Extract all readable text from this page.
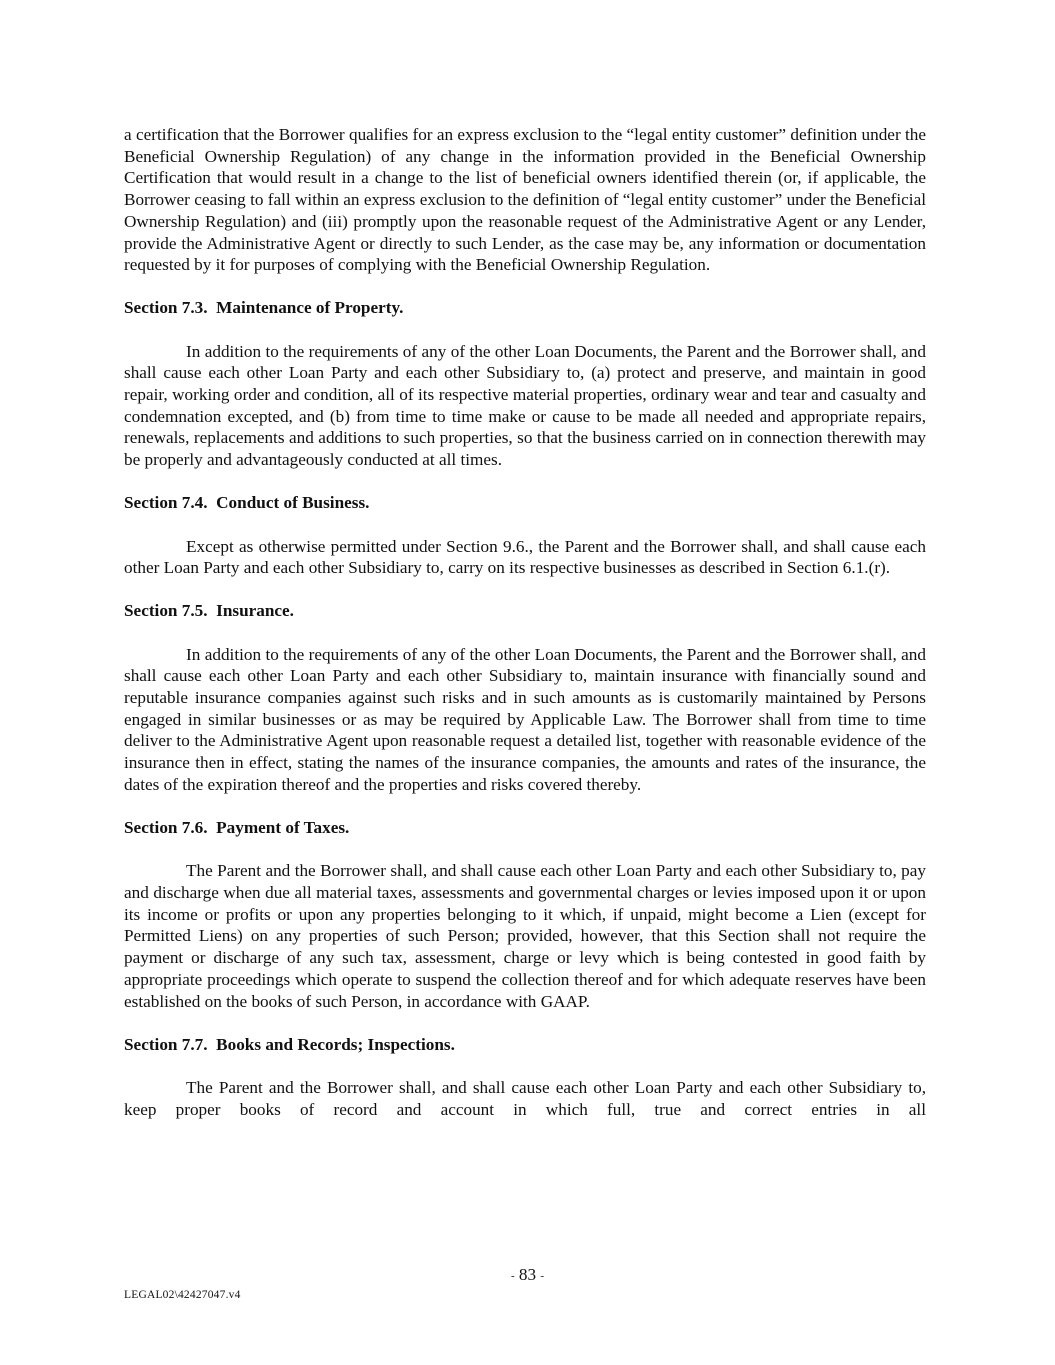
a certification that the Borrower qualifies for an express exclusion to the “legal entity customer” definition under the Beneficial Ownership Regulation) of any change in the information provided in the Beneficial Ownership Certification that would result in a change to the list of beneficial owners identified therein (or, if applicable, the Borrower ceasing to fall within an express exclusion to the definition of “legal entity customer” under the Beneficial Ownership Regulation) and (iii) promptly upon the reasonable request of the Administrative Agent or any Lender, provide the Administrative Agent or directly to such Lender, as the case may be, any information or documentation requested by it for purposes of complying with the Beneficial Ownership Regulation.

Section 7.3.  Maintenance of Property.

In addition to the requirements of any of the other Loan Documents, the Parent and the Borrower shall, and shall cause each other Loan Party and each other Subsidiary to, (a) protect and preserve, and maintain in good repair, working order and condition, all of its respective material properties, ordinary wear and tear and casualty and condemnation excepted, and (b) from time to time make or cause to be made all needed and appropriate repairs, renewals, replacements and additions to such properties, so that the business carried on in connection therewith may be properly and advantageously conducted at all times.

Section 7.4.  Conduct of Business.

Except as otherwise permitted under Section 9.6., the Parent and the Borrower shall, and shall cause each other Loan Party and each other Subsidiary to, carry on its respective businesses as described in Section 6.1.(r).

Section 7.5.  Insurance.

In addition to the requirements of any of the other Loan Documents, the Parent and the Borrower shall, and shall cause each other Loan Party and each other Subsidiary to, maintain insurance with financially sound and reputable insurance companies against such risks and in such amounts as is customarily maintained by Persons engaged in similar businesses or as may be required by Applicable Law. The Borrower shall from time to time deliver to the Administrative Agent upon reasonable request a detailed list, together with reasonable evidence of the insurance then in effect, stating the names of the insurance companies, the amounts and rates of the insurance, the dates of the expiration thereof and the properties and risks covered thereby.

Section 7.6.  Payment of Taxes.

The Parent and the Borrower shall, and shall cause each other Loan Party and each other Subsidiary to, pay and discharge when due all material taxes, assessments and governmental charges or levies imposed upon it or upon its income or profits or upon any properties belonging to it which, if unpaid, might become a Lien (except for Permitted Liens) on any properties of such Person; provided, however, that this Section shall not require the payment or discharge of any such tax, assessment, charge or levy which is being contested in good faith by appropriate proceedings which operate to suspend the collection thereof and for which adequate reserves have been established on the books of such Person, in accordance with GAAP.

Section 7.7.  Books and Records; Inspections.

The Parent and the Borrower shall, and shall cause each other Loan Party and each other Subsidiary to, keep proper books of record and account in which full, true and correct entries in all

- 83 -
LEGAL02\42427047.v4
